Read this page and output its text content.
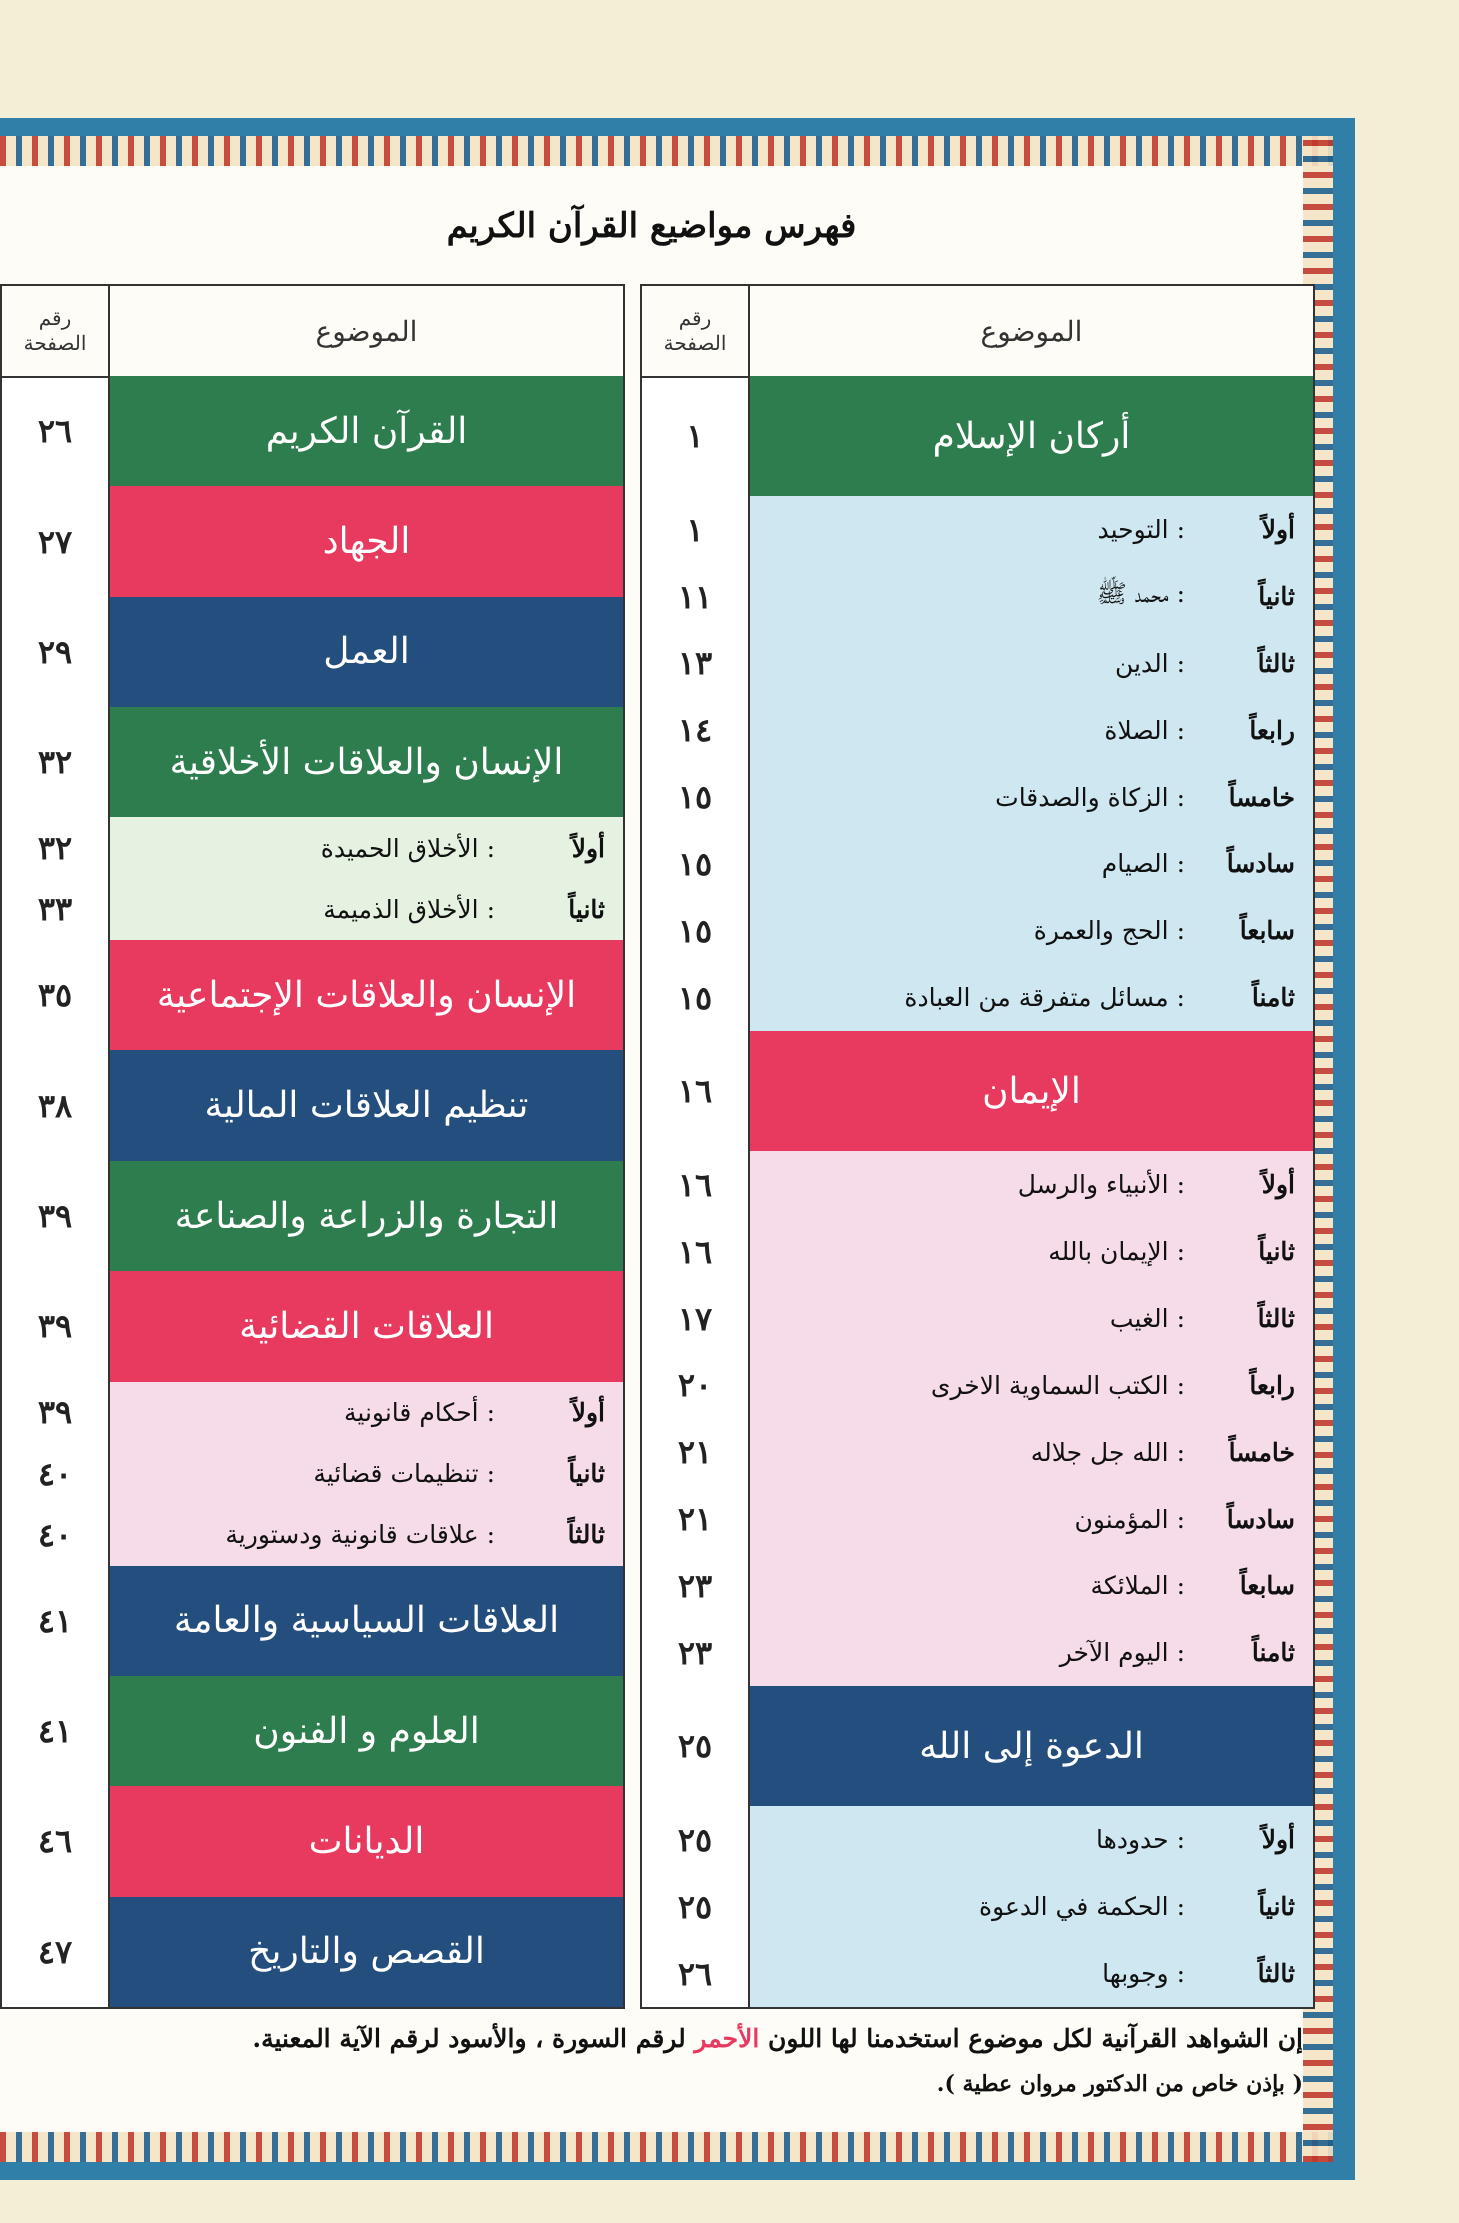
فهرس مواضيع القرآن الكريم
الموضوع
رقم
الصفحة
أركان الإسلام
١
أولاً
: التوحيد
١
ثانياً
: محمد ﷺ
١١
ثالثاً
: الدين
١٣
رابعاً
: الصلاة
١٤
خامساً
: الزكاة والصدقات
١٥
سادساً
: الصيام
١٥
سابعاً
: الحج والعمرة
١٥
ثامناً
: مسائل متفرقة من العبادة
١٥
الإيمان
١٦
أولاً
: الأنبياء والرسل
١٦
ثانياً
: الإيمان بالله
١٦
ثالثاً
: الغيب
١٧
رابعاً
: الكتب السماوية الاخرى
٢٠
خامساً
: الله جل جلاله
٢١
سادساً
: المؤمنون
٢١
سابعاً
: الملائكة
٢٣
ثامناً
: اليوم الآخر
٢٣
الدعوة إلى الله
٢٥
أولاً
: حدودها
٢٥
ثانياً
: الحكمة في الدعوة
٢٥
ثالثاً
: وجوبها
٢٦
الموضوع
رقم
الصفحة
القرآن الكريم
٢٦
الجهاد
٢٧
العمل
٢٩
الإنسان والعلاقات الأخلاقية
٣٢
أولاً
: الأخلاق الحميدة
٣٢
ثانياً
: الأخلاق الذميمة
٣٣
الإنسان والعلاقات الإجتماعية
٣٥
تنظيم العلاقات المالية
٣٨
التجارة والزراعة والصناعة
٣٩
العلاقات القضائية
٣٩
أولاً
: أحكام قانونية
٣٩
ثانياً
: تنظيمات قضائية
٤٠
ثالثاً
: علاقات قانونية ودستورية
٤٠
العلاقات السياسية والعامة
٤١
العلوم و الفنون
٤١
الديانات
٤٦
القصص والتاريخ
٤٧
إن الشواهد القرآنية لكل موضوع استخدمنا لها اللون الأحمر لرقم السورة ، والأسود لرقم الآية المعنية.
( بإذن خاص من الدكتور مروان عطية ).
